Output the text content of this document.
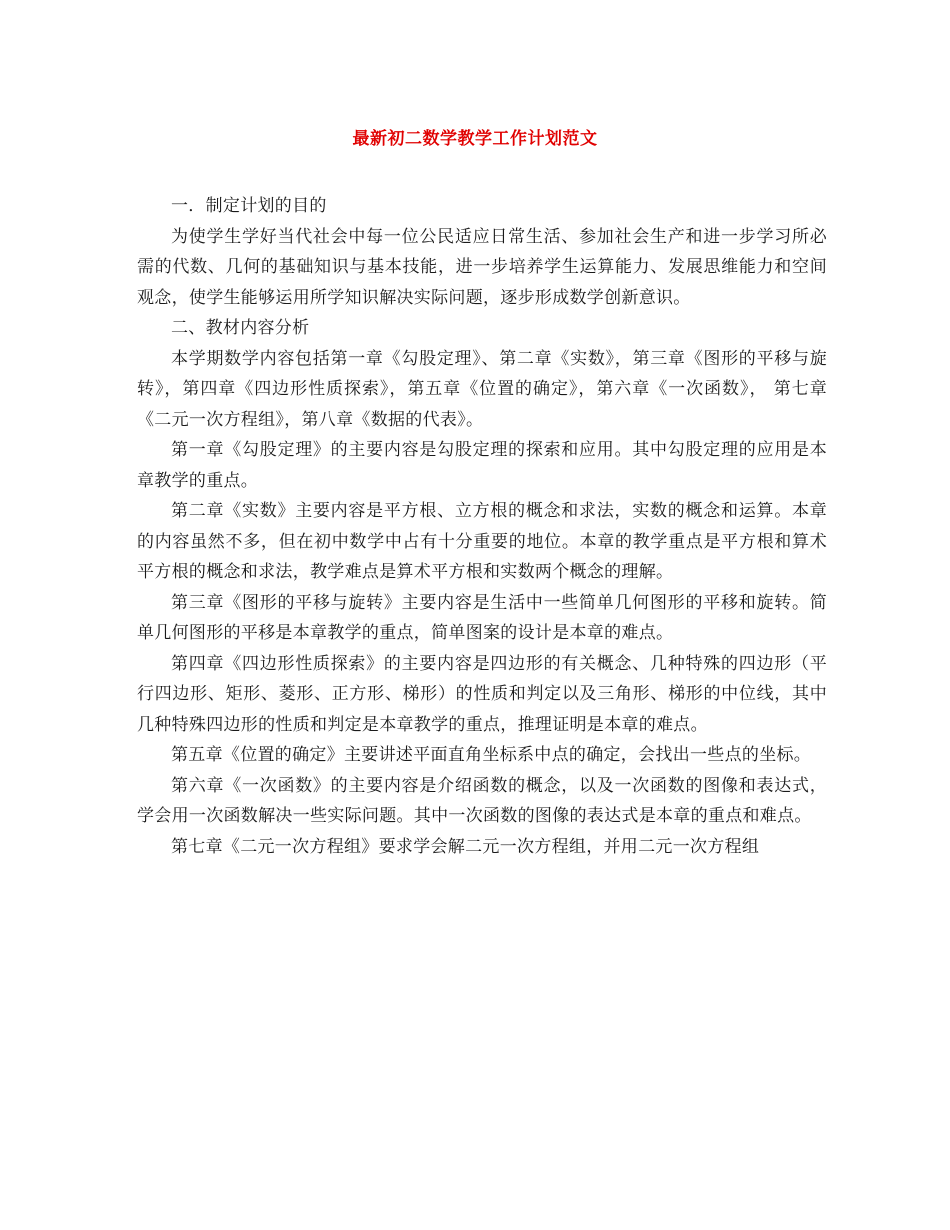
最新初二数学教学工作计划范文

一．制定计划的目的

为使学生学好当代社会中每一位公民适应日常生活、参加社会生产和进一步学习所必需的代数、几何的基础知识与基本技能，进一步培养学生运算能力、发展思维能力和空间观念，使学生能够运用所学知识解决实际问题，逐步形成数学创新意识。

二、教材内容分析

本学期数学内容包括第一章《勾股定理》、第二章《实数》，第三章《图形的平移与旋转》，第四章《四边形性质探索》，第五章《位置的确定》，第六章《一次函数》， 第七章《二元一次方程组》，第八章《数据的代表》。

第一章《勾股定理》的主要内容是勾股定理的探索和应用。其中勾股定理的应用是本章教学的重点。

第二章《实数》主要内容是平方根、立方根的概念和求法，实数的概念和运算。本章的内容虽然不多，但在初中数学中占有十分重要的地位。本章的教学重点是平方根和算术平方根的概念和求法，教学难点是算术平方根和实数两个概念的理解。

第三章《图形的平移与旋转》主要内容是生活中一些简单几何图形的平移和旋转。简单几何图形的平移是本章教学的重点，简单图案的设计是本章的难点。

第四章《四边形性质探索》的主要内容是四边形的有关概念、几种特殊的四边形（平行四边形、矩形、菱形、正方形、梯形）的性质和判定以及三角形、梯形的中位线，其中几种特殊四边形的性质和判定是本章教学的重点，推理证明是本章的难点。

第五章《位置的确定》主要讲述平面直角坐标系中点的确定，会找出一些点的坐标。

第六章《一次函数》的主要内容是介绍函数的概念，以及一次函数的图像和表达式，学会用一次函数解决一些实际问题。其中一次函数的图像的表达式是本章的重点和难点。

第七章《二元一次方程组》要求学会解二元一次方程组，并用二元一次方程组
